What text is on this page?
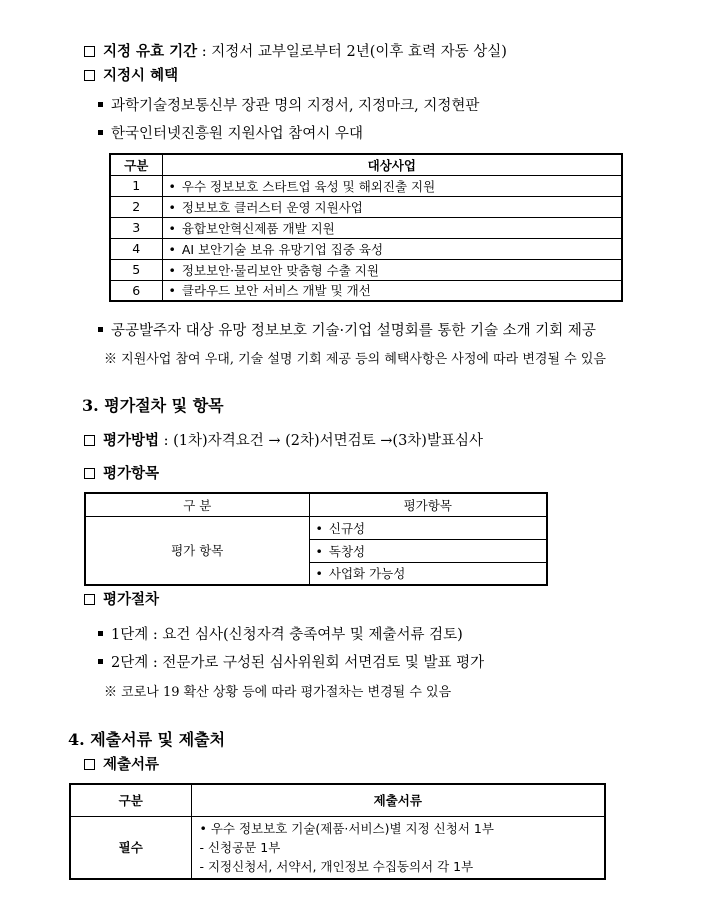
지정 유효 기간 : 지정서 교부일로부터 2년(이후 효력 자동 상실)
지정시 혜택
과학기술정보통신부 장관 명의 지정서, 지정마크, 지정현판
한국인터넷진흥원 지원사업 참여시 우대
구분	대상사업
1	• 우수 정보보호 스타트업 육성 및 해외진출 지원
2	• 정보보호 클러스터 운영 지원사업
3	• 융합보안혁신제품 개발 지원
4	• AI 보안기술 보유 유망기업 집중 육성
5	• 정보보안·물리보안 맞춤형 수출 지원
6	• 클라우드 보안 서비스 개발 및 개선
공공발주자 대상 유망 정보보호 기술·기업 설명회를 통한 기술 소개 기회 제공
※ 지원사업 참여 우대, 기술 설명 기회 제공 등의 혜택사항은 사정에 따라 변경될 수 있음
3. 평가절차 및 항목
평가방법 : (1차)자격요건 → (2차)서면검토 →(3차)발표심사
평가항목
구 분	평가항목
평가 항목	• 신규성
	• 독창성
	• 사업화 가능성
평가절차
1단계 : 요건 심사(신청자격 충족여부 및 제출서류 검토)
2단계 : 전문가로 구성된 심사위원회 서면검토 및 발표 평가
※ 코로나 19 확산 상황 등에 따라 평가절차는 변경될 수 있음
4. 제출서류 및 제출처
제출서류
구분	제출서류
필수	• 우수 정보보호 기술(제품·서비스)별 지정 신청서 1부
- 신청공문 1부
- 지정신청서, 서약서, 개인정보 수집동의서 각 1부
